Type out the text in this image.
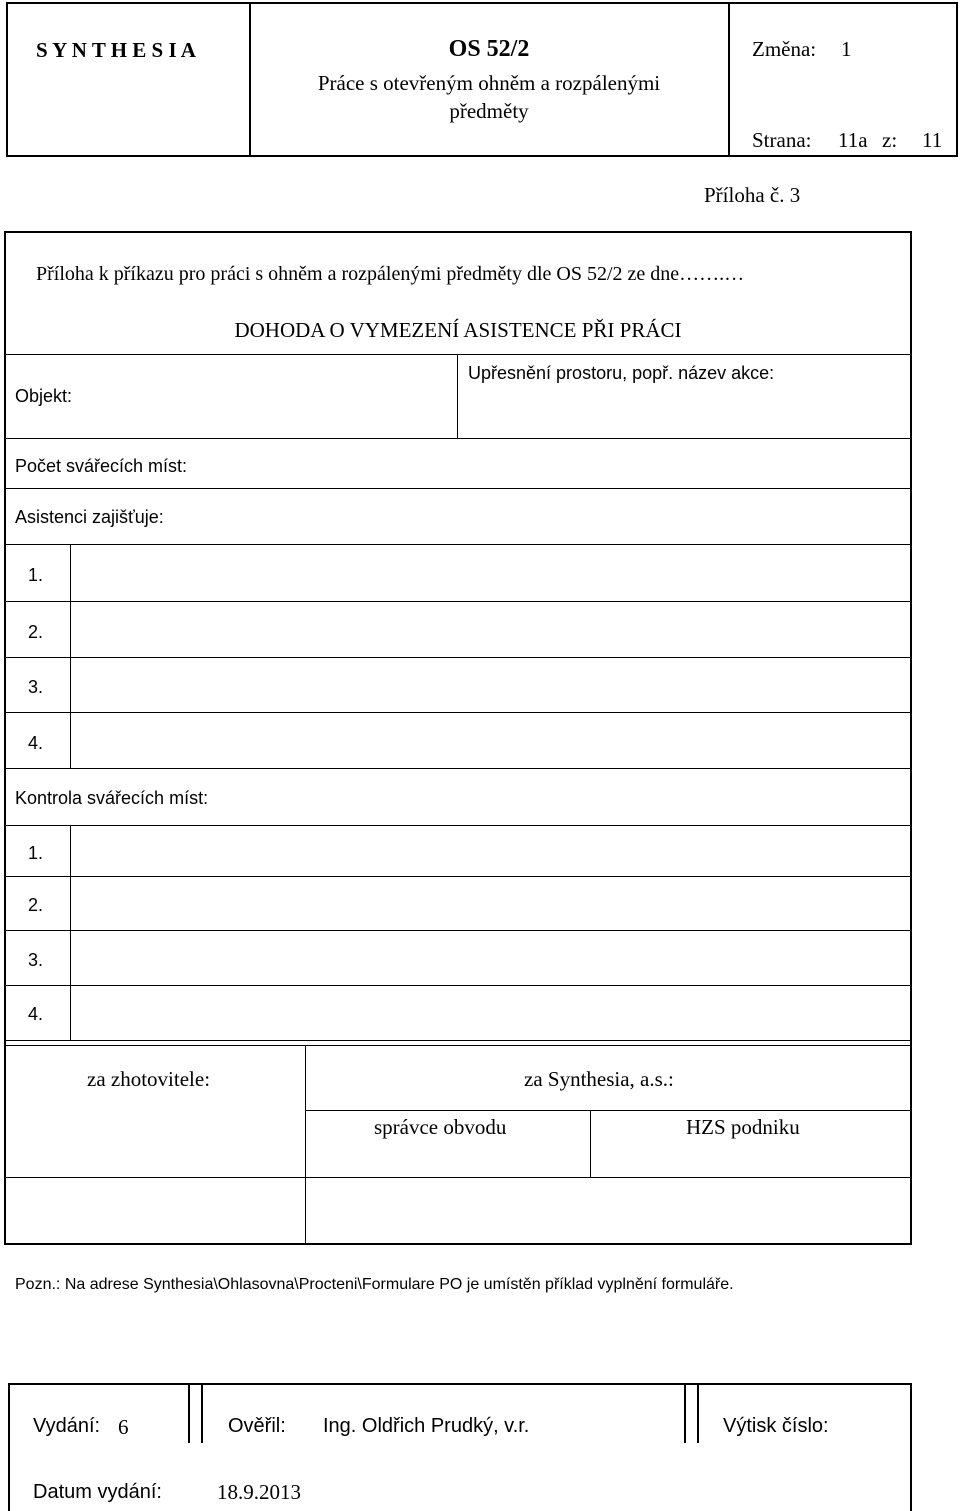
S Y N T H E S I A	OS 52/2
Práce s otevřeným ohněm a rozpálenými
předměty
Změna: 1
Strana: 11a z: 11
Příloha č. 3
Příloha k příkazu pro práci s ohněm a rozpálenými předměty dle OS 52/2 ze dne…….…
DOHODA O VYMEZENÍ ASISTENCE PŘI PRÁCI
Objekt:
Upřesnění prostoru, popř. název akce:
Počet svářecích míst:
Asistenci zajišťuje:
1.
2.
3.
4.
Kontrola svářecích míst:
1.
2.
3.
4.
za zhotovitele:	za Synthesia, a.s.:
správce obvodu	HZS podniku
Pozn.: Na adrese Synthesia\Ohlasovna\Procteni\Formulare PO je umístěn příklad vyplnění formuláře.
Vydání: 6	Ověřil: Ing. Oldřich Prudký, v.r.	Výtisk číslo:
Datum vydání:	18.9.2013
